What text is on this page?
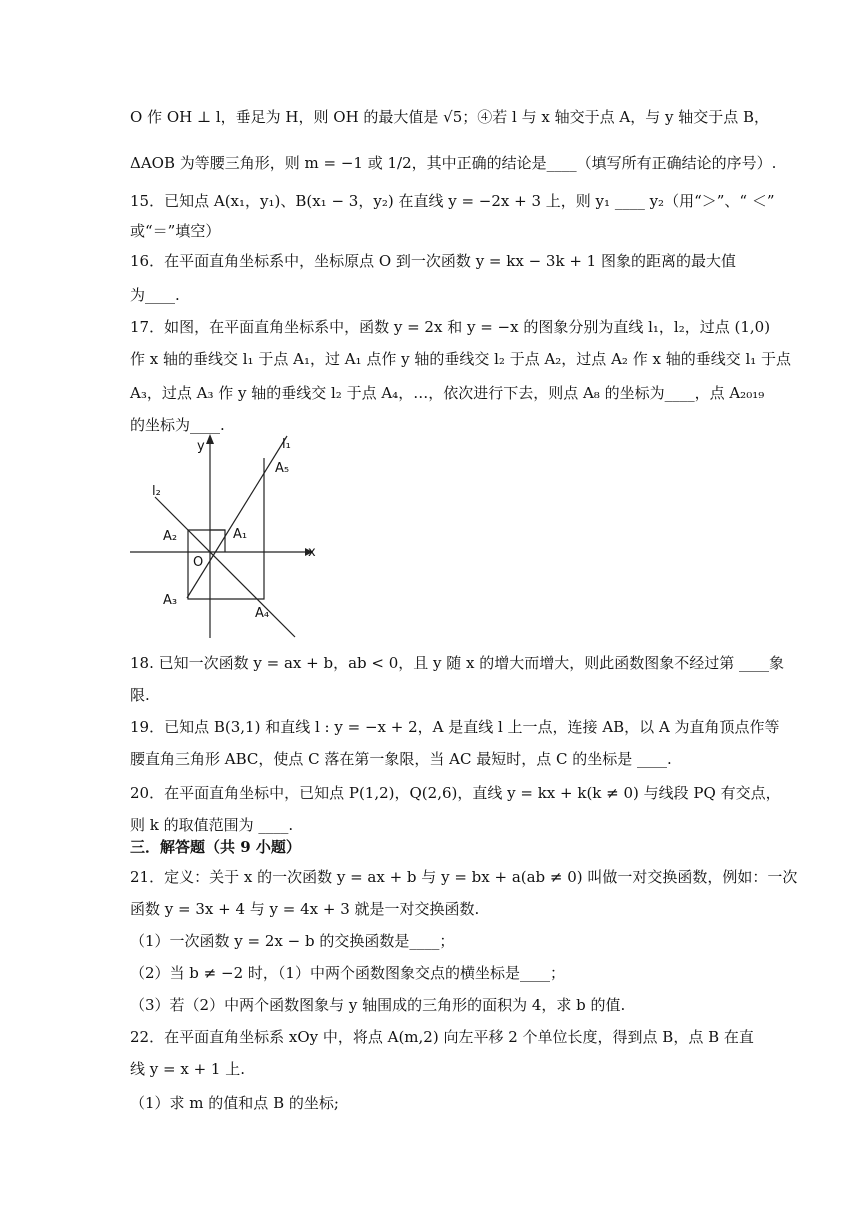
O 作 OH ⊥ l，垂足为 H，则 OH 的最大值是 √5；④若 l 与 x 轴交于点 A，与 y 轴交于点 B，
ΔAOB 为等腰三角形，则 m = −1 或 1/2，其中正确的结论是____（填写所有正确结论的序号）.
15．已知点 A(x₁，y₁)、B(x₁ − 3，y₂) 在直线 y = −2x + 3 上，则 y₁ ____ y₂（用“＞”、“ ＜”
或“＝”填空）
16．在平面直角坐标系中，坐标原点 O 到一次函数 y = kx − 3k + 1 图象的距离的最大值
为____.
17．如图，在平面直角坐标系中，函数 y = 2x 和 y = −x 的图象分别为直线 l₁，l₂，过点 (1,0)
作 x 轴的垂线交 l₁ 于点 A₁，过 A₁ 点作 y 轴的垂线交 l₂ 于点 A₂，过点 A₂ 作 x 轴的垂线交 l₁ 于点
A₃，过点 A₃ 作 y 轴的垂线交 l₂ 于点 A₄，…，依次进行下去，则点 A₈ 的坐标为____，点 A₂₀₁₉
的坐标为____.
y
x
O
l₁
l₂
A₁
A₂
A₃
A₄
A₅
18. 已知一次函数 y = ax + b，ab < 0，且 y 随 x 的增大而增大，则此函数图象不经过第 ____象
限.
19．已知点 B(3,1) 和直线 l : y = −x + 2，A 是直线 l 上一点，连接 AB，以 A 为直角顶点作等
腰直角三角形 ABC，使点 C 落在第一象限，当 AC 最短时，点 C 的坐标是 ____.
20．在平面直角坐标中，已知点 P(1,2)，Q(2,6)，直线 y = kx + k(k ≠ 0) 与线段 PQ 有交点，
则 k 的取值范围为 ____.
三．解答题（共 9 小题）
21．定义：关于 x 的一次函数 y = ax + b 与 y = bx + a(ab ≠ 0) 叫做一对交换函数，例如：一次
函数 y = 3x + 4 与 y = 4x + 3 就是一对交换函数.
（1）一次函数 y = 2x − b 的交换函数是____；
（2）当 b ≠ −2 时，（1）中两个函数图象交点的横坐标是____；
（3）若（2）中两个函数图象与 y 轴围成的三角形的面积为 4，求 b 的值.
22．在平面直角坐标系 xOy 中，将点 A(m,2) 向左平移 2 个单位长度，得到点 B，点 B 在直
线 y = x + 1 上.
（1）求 m 的值和点 B 的坐标;
